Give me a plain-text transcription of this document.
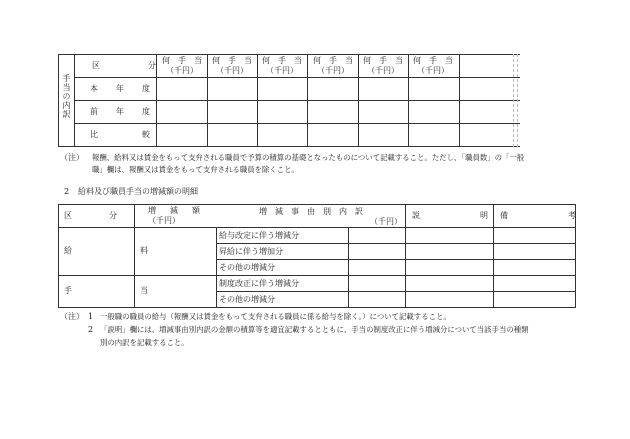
手当の内訳
区　　　分
何　手　当
（千円）
何　手　当
（千円）
何　手　当
（千円）
何　手　当
（千円）
何　手　当
（千円）
何　手　当
（千円）
本　年　度
前　年　度
比　　　較
（注） 報酬、給料又は賃金をもって支弁される職員で予算の積算の基礎となったものについて記載すること。ただし、「職員数」の「一般
職」欄は、報酬又は賃金をもって支弁される職員を除くこと。
2 給料及び職員手当の増減額の明細
区　　分
増　減　額
（千円）
増　減　事　由　別　内　訳
（千円）
説　　　明 備　　　考
給　　　料
給与改定に伴う増減分
昇給に伴う増加分
その他の増減分
手　　　当
制度改正に伴う増減分
その他の増減分
（注） 1 一般職の職員の給与（報酬又は賃金をもって支弁される職員に係る給与を除く。）について記載すること。
2 「説明」欄には、増減事由別内訳の金額の積算等を適宜記載するとともに、手当の制度改正に伴う増減分について当該手当の種類
別の内訳を記載すること。
